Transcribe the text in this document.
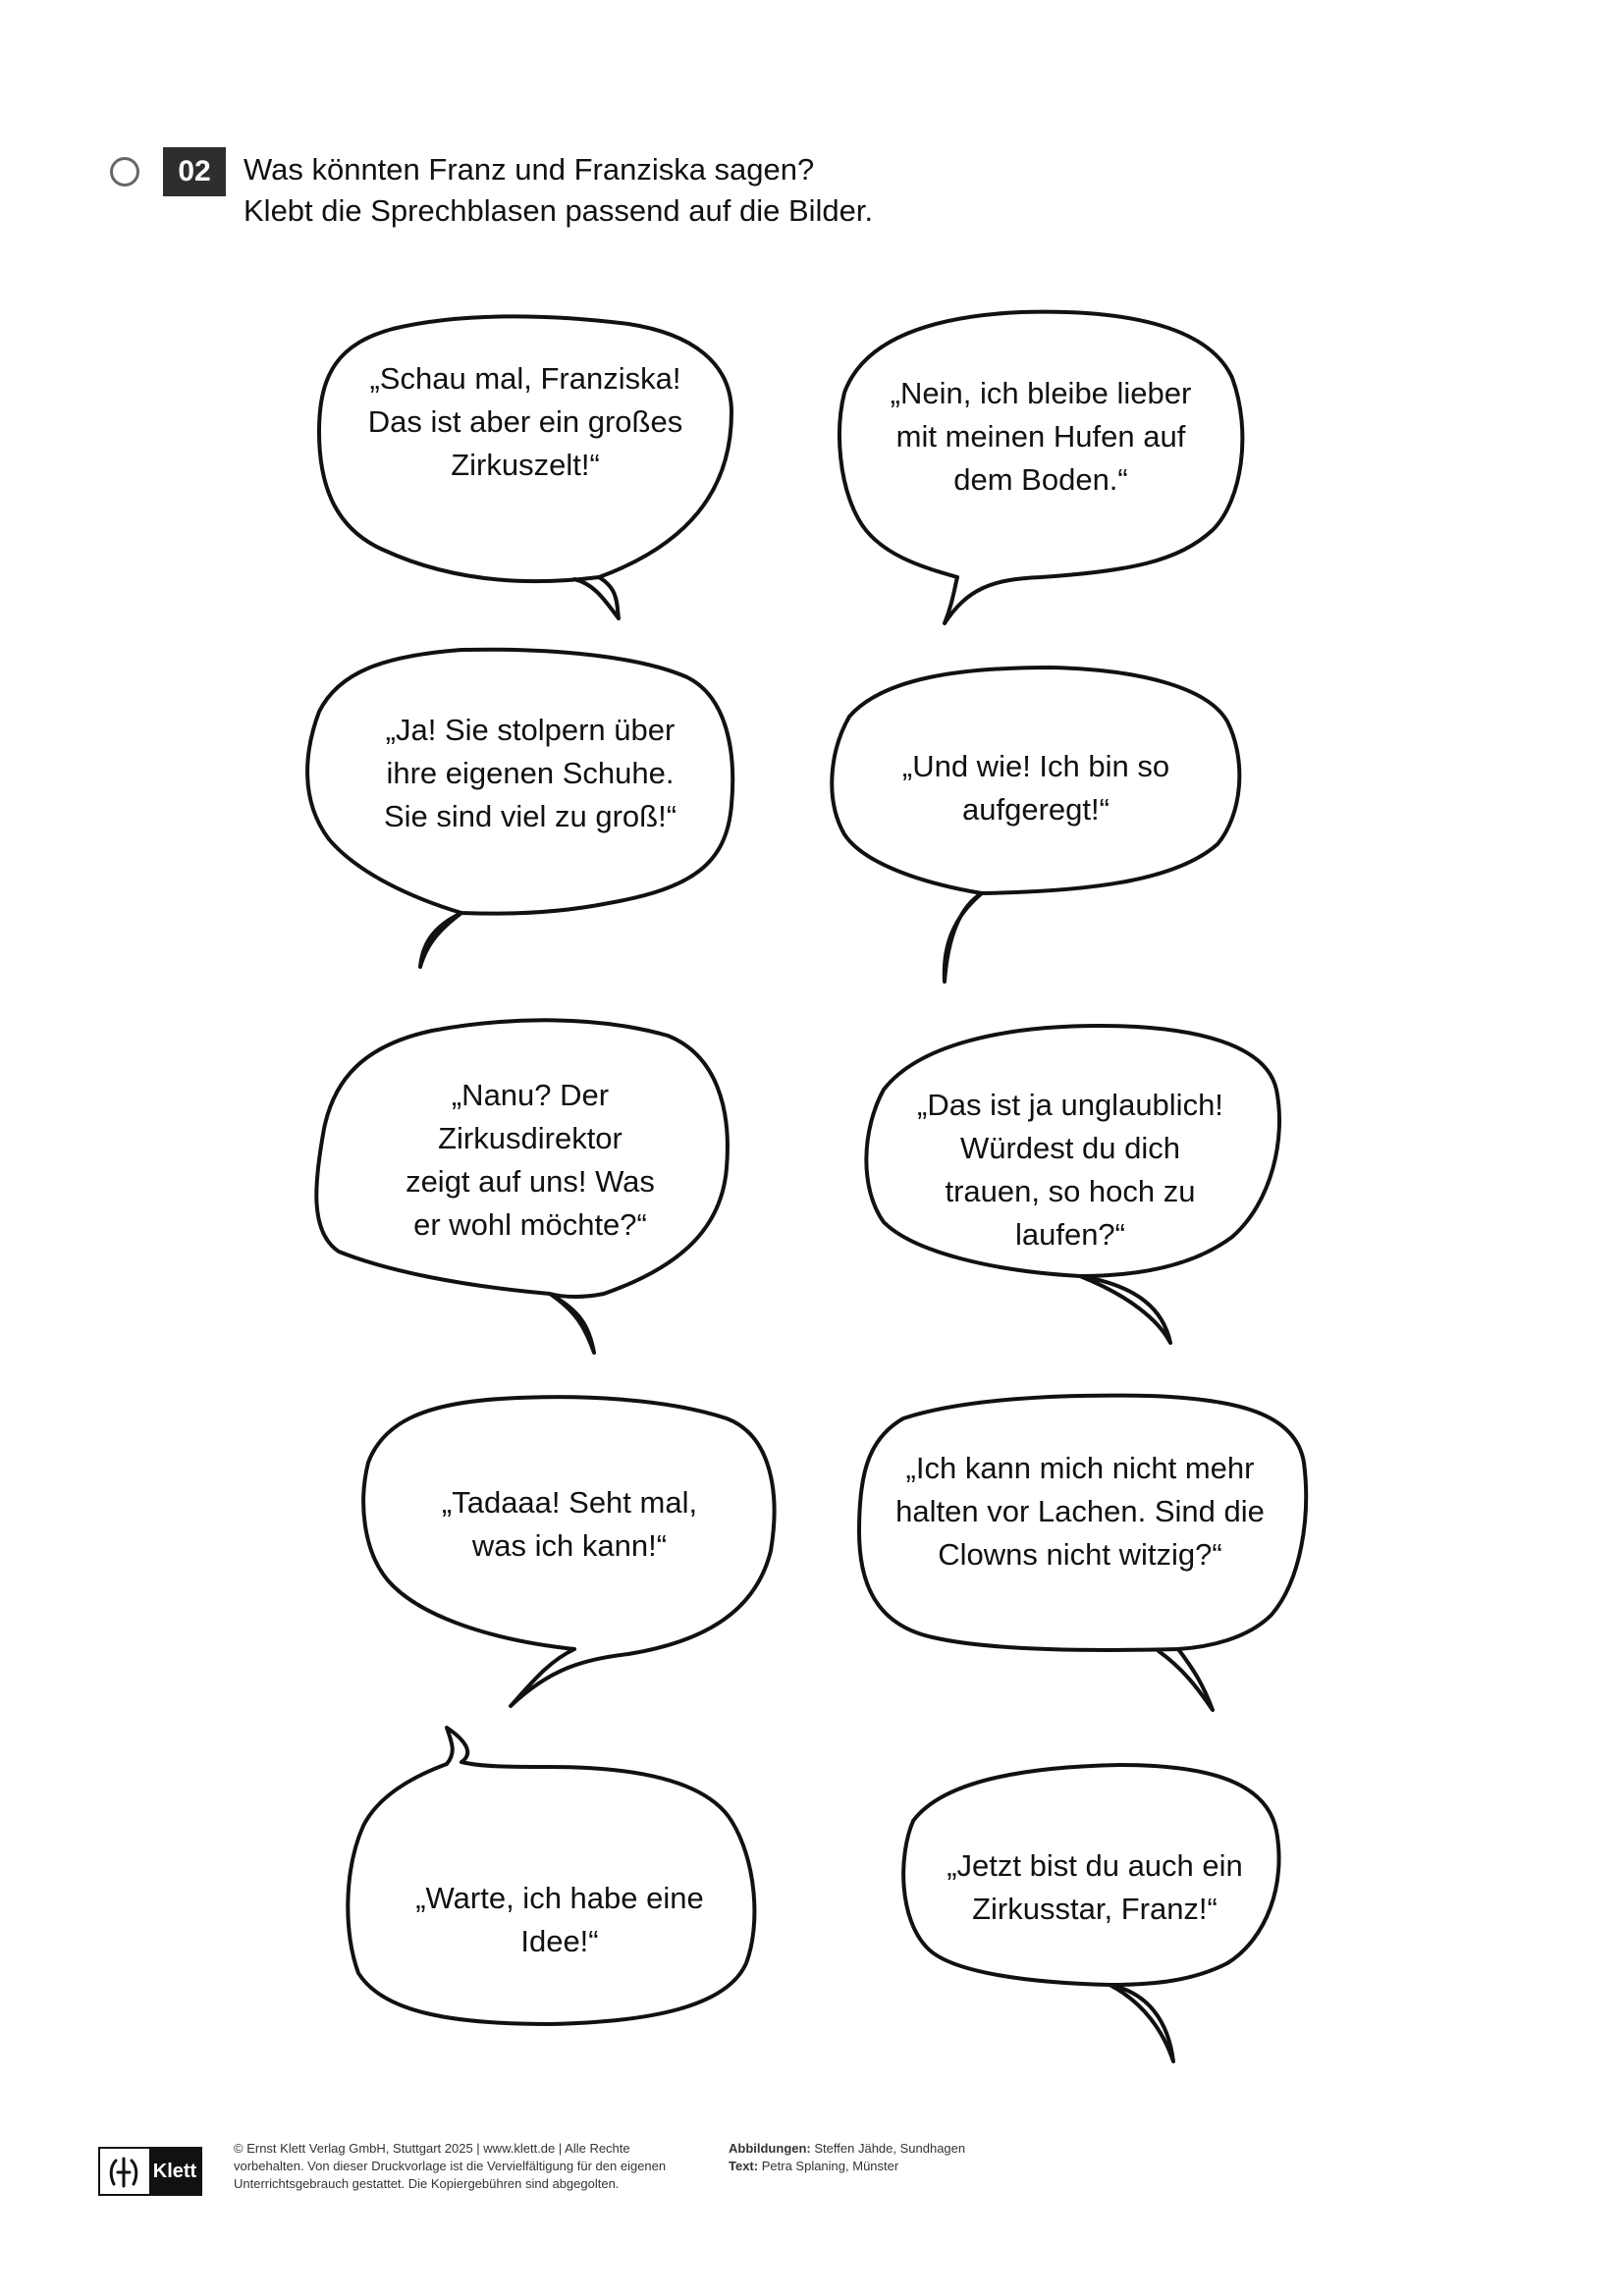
02	Was könnten Franz und Franziska sagen?
Klebt die Sprechblasen passend auf die Bilder.
„Schau mal, Franziska!
Das ist aber ein großes
Zirkuszelt!“
„Nein, ich bleibe lieber
mit meinen Hufen auf
dem Boden.“
„Ja! Sie stolpern über
ihre eigenen Schuhe.
Sie sind viel zu groß!“
„Und wie! Ich bin so
aufgeregt!“
„Nanu? Der
Zirkusdirektor
zeigt auf uns! Was
er wohl möchte?“
„Das ist ja unglaublich!
Würdest du dich
trauen, so hoch zu
laufen?“
„Tadaaa! Seht mal,
was ich kann!“
„Ich kann mich nicht mehr
halten vor Lachen. Sind die
Clowns nicht witzig?“
„Warte, ich habe eine
Idee!“
„Jetzt bist du auch ein
Zirkusstar, Franz!“
Klett
© Ernst Klett Verlag GmbH, Stuttgart 2025 | www.klett.de | Alle Rechte
vorbehalten. Von dieser Druckvorlage ist die Vervielfältigung für den eigenen
Unterrichtsgebrauch gestattet. Die Kopiergebühren sind abgegolten.
Abbildungen: Steffen Jähde, Sundhagen
Text: Petra Splaning, Münster
